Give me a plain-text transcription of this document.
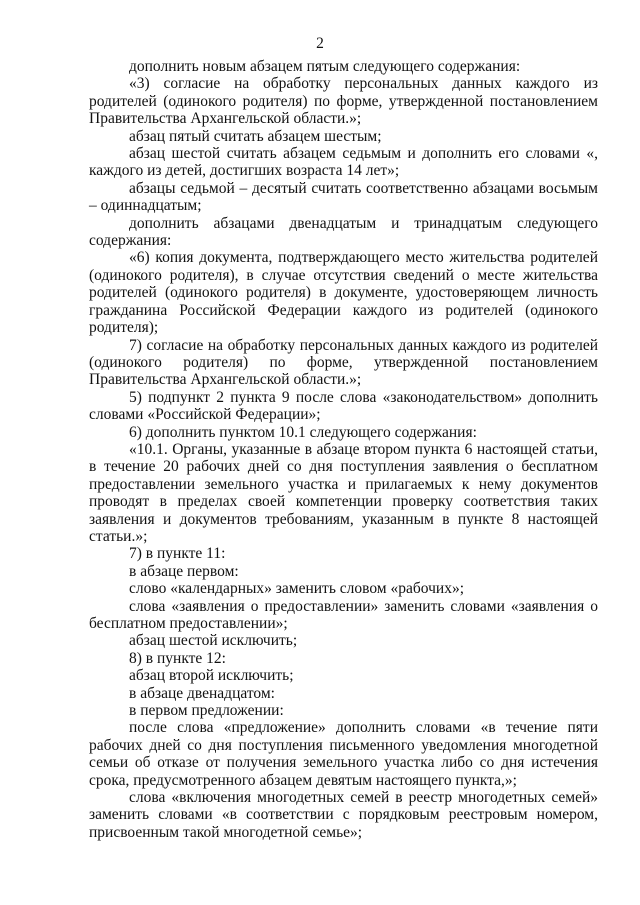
2

дополнить новым абзацем пятым следующего содержания:

«3) согласие на обработку персональных данных каждого из родителей (одинокого родителя) по форме, утвержденной постановлением Правительства Архангельской области.»;

абзац пятый считать абзацем шестым;

абзац шестой считать абзацем седьмым и дополнить его словами «, каждого из детей, достигших возраста 14 лет»;

абзацы седьмой – десятый считать соответственно абзацами восьмым – одиннадцатым;

дополнить абзацами двенадцатым и тринадцатым следующего содержания:

«6) копия документа, подтверждающего место жительства родителей (одинокого родителя), в случае отсутствия сведений о месте жительства родителей (одинокого родителя) в документе, удостоверяющем личность гражданина Российской Федерации каждого из родителей (одинокого родителя);

7) согласие на обработку персональных данных каждого из родителей (одинокого родителя) по форме, утвержденной постановлением Правительства Архангельской области.»;

5) подпункт 2 пункта 9 после слова «законодательством» дополнить словами «Российской Федерации»;

6) дополнить пунктом 10.1 следующего содержания:

«10.1. Органы, указанные в абзаце втором пункта 6 настоящей статьи, в течение 20 рабочих дней со дня поступления заявления о бесплатном предоставлении земельного участка и прилагаемых к нему документов проводят в пределах своей компетенции проверку соответствия таких заявления и документов требованиям, указанным в пункте 8 настоящей статьи.»;

7) в пункте 11:

в абзаце первом:

слово «календарных» заменить словом «рабочих»;

слова «заявления о предоставлении» заменить словами «заявления о бесплатном предоставлении»;

абзац шестой исключить;

8) в пункте 12:

абзац второй исключить;

в абзаце двенадцатом:

в первом предложении:

после слова «предложение» дополнить словами «в течение пяти рабочих дней со дня поступления письменного уведомления многодетной семьи об отказе от получения земельного участка либо со дня истечения срока, предусмотренного абзацем девятым настоящего пункта,»;

слова «включения многодетных семей в реестр многодетных семей» заменить словами «в соответствии с порядковым реестровым номером, присвоенным такой многодетной семье»;
